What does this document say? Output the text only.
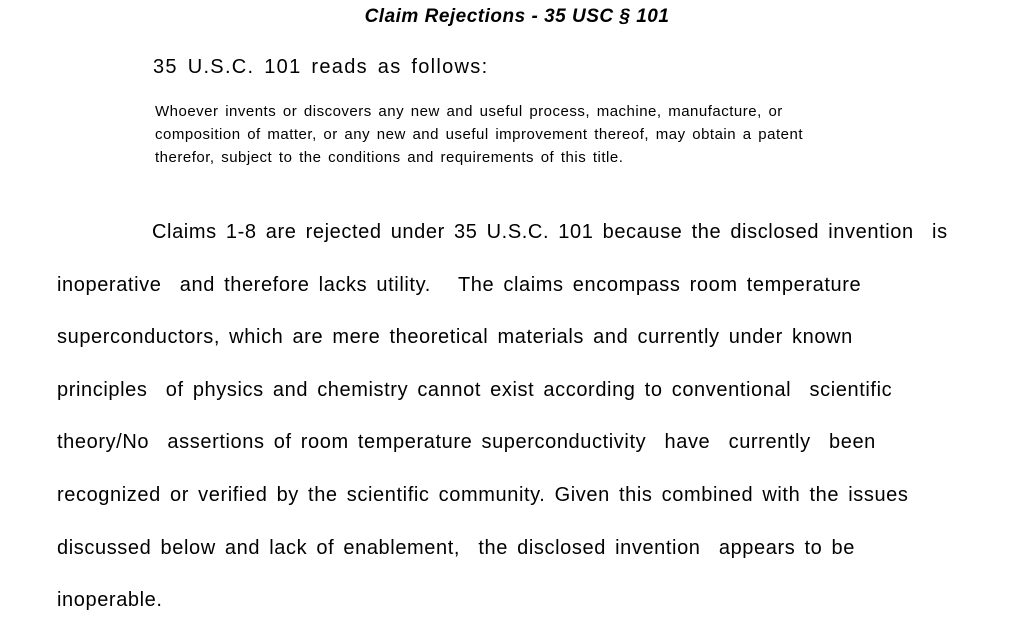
Claim Rejections - 35 USC § 101

35 U.S.C. 101 reads as follows:

Whoever invents or discovers any new and useful process, machine, manufacture, or
composition of matter, or any new and useful improvement thereof, may obtain a patent
therefor, subject to the conditions and requirements of this title.
Claims 1-8 are rejected under 35 U.S.C. 101 because the disclosed invention  is
inoperative  and therefore lacks utility.   The claims encompass room temperature
superconductors, which are mere theoretical materials and currently under known
principles  of physics and chemistry cannot exist according to conventional  scientific
theory/No  assertions of room temperature superconductivity  have  currently  been
recognized or verified by the scientific community. Given this combined with the issues
discussed below and lack of enablement,  the disclosed invention  appears to be
inoperable.
